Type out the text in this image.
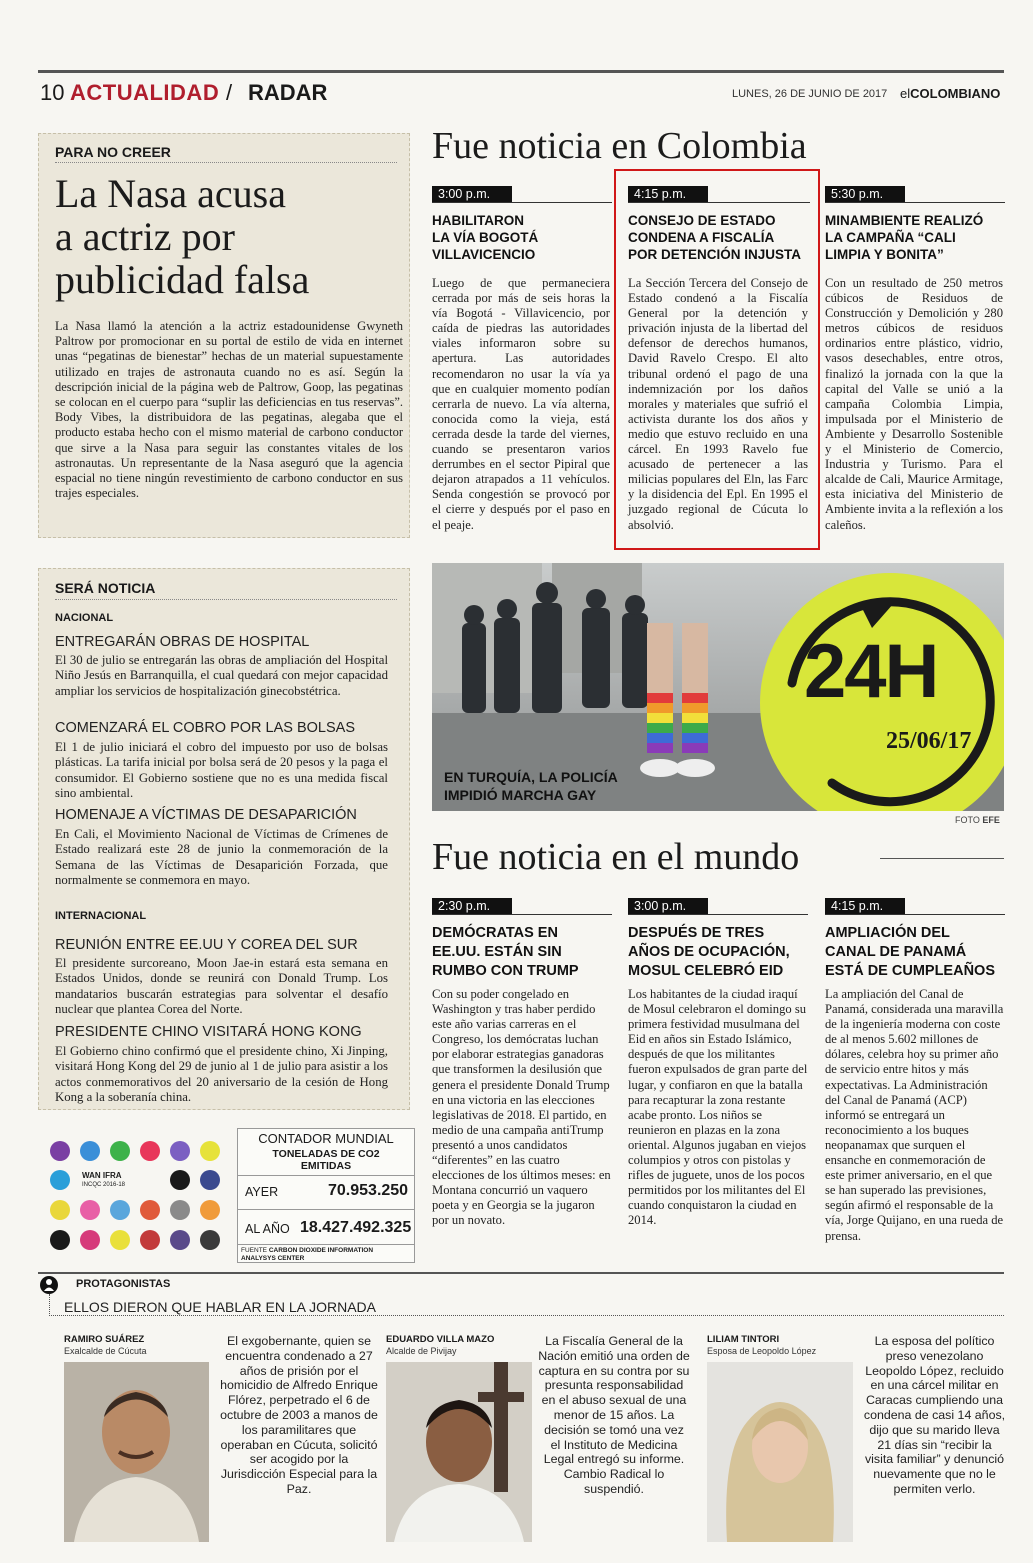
10 ACTUALIDAD / RADAR	LUNES, 26 DE JUNIO DE 2017 elCOLOMBIANO
PARA NO CREER
La Nasa acusa
a actriz por
publicidad falsa
La Nasa llamó la atención a la actriz estadounidense Gwyneth Paltrow por promocionar en su portal de estilo de vida en internet unas “pegatinas de bienestar” hechas de un material supuestamente utilizado en trajes de astronauta cuando no es así. Según la descripción inicial de la página web de Paltrow, Goop, las pegatinas se colocan en el cuerpo para “suplir las deficiencias en tus reservas”. Body Vibes, la distribuidora de las pegatinas, alegaba que el producto estaba hecho con el mismo material de carbono conductor que sirve a la Nasa para seguir las constantes vitales de los astronautas. Un representante de la Nasa aseguró que la agencia espacial no tiene ningún revestimiento de carbono conductor en sus trajes especiales.
Fue noticia en Colombia
3:00 p.m.
HABILITARON
LA VÍA BOGOTÁ
VILLAVICENCIO
Luego de que permaneciera cerrada por más de seis horas la vía Bogotá - Villavicencio, por caída de piedras las autoridades viales informaron sobre su apertura. Las autoridades recomendaron no usar la vía ya que en cualquier momento podían cerrarla de nuevo. La vía alterna, conocida como la vieja, está cerrada desde la tarde del viernes, cuando se presentaron varios derrumbes en el sector Pipiral que dejaron atrapados a 11 vehículos. Senda congestión se provocó por el cierre y después por el paso en el peaje.
4:15 p.m.
CONSEJO DE ESTADO
CONDENA A FISCALÍA
POR DETENCIÓN INJUSTA
La Sección Tercera del Consejo de Estado condenó a la Fiscalía General por la detención y privación injusta de la libertad del defensor de derechos humanos, David Ravelo Crespo. El alto tribunal ordenó el pago de una indemnización por los daños morales y materiales que sufrió el activista durante los dos años y medio que estuvo recluido en una cárcel. En 1993 Ravelo fue acusado de pertenecer a las milicias populares del Eln, las Farc y la disidencia del Epl. En 1995 el juzgado regional de Cúcuta lo absolvió.
5:30 p.m.
MINAMBIENTE REALIZÓ
LA CAMPAÑA “CALI
LIMPIA Y BONITA”
Con un resultado de 250 metros cúbicos de Residuos de Construcción y Demolición y 280 metros cúbicos de residuos ordinarios entre plástico, vidrio, vasos desechables, entre otros, finalizó la jornada con la que la capital del Valle se unió a la campaña Colombia Limpia, impulsada por el Ministerio de Ambiente y Desarrollo Sostenible y el Ministerio de Comercio, Industria y Turismo. Para el alcalde de Cali, Maurice Armitage, esta iniciativa del Ministerio de Ambiente invita a la reflexión a los caleños.
24H
25/06/17
EN TURQUÍA, LA POLICÍA
IMPIDIÓ MARCHA GAY
FOTO EFE
SERÁ NOTICIA
NACIONAL
ENTREGARÁN OBRAS DE HOSPITAL
El 30 de julio se entregarán las obras de ampliación del Hospital Niño Jesús en Barranquilla, el cual quedará con mejor capacidad ampliar los servicios de hospitalización ginecobstétrica.
COMENZARÁ EL COBRO POR LAS BOLSAS
El 1 de julio iniciará el cobro del impuesto por uso de bolsas plásticas. La tarifa inicial por bolsa será de 20 pesos y la paga el consumidor. El Gobierno sostiene que no es una medida fiscal sino ambiental.
HOMENAJE A VÍCTIMAS DE DESAPARICIÓN
En Cali, el Movimiento Nacional de Víctimas de Crímenes de Estado realizará este 28 de junio la conmemoración de la Semana de las Víctimas de Desaparición Forzada, que normalmente se conmemora en mayo.
INTERNACIONAL
REUNIÓN ENTRE EE.UU Y COREA DEL SUR
El presidente surcoreano, Moon Jae-in estará esta semana en Estados Unidos, donde se reunirá con Donald Trump. Los mandatarios buscarán estrategias para solventar el desafío nuclear que plantea Corea del Norte.
PRESIDENTE CHINO VISITARÁ HONG KONG
El Gobierno chino confirmó que el presidente chino, Xi Jinping, visitará Hong Kong del 29 de junio al 1 de julio para asistir a los actos conmemorativos del 20 aniversario de la cesión de Hong Kong a la soberanía china.
Fue noticia en el mundo
2:30 p.m.
DEMÓCRATAS EN
EE.UU. ESTÁN SIN
RUMBO CON TRUMP
Con su poder congelado en Washington y tras haber perdido este año varias carreras en el Congreso, los demócratas luchan por elaborar estrategias ganadoras que transformen la desilusión que genera el presidente Donald Trump en una victoria en las elecciones legislativas de 2018. El partido, en medio de una campaña antiTrump presentó a unos candidatos “diferentes” en las cuatro elecciones de los últimos meses: en Montana concurrió un vaquero poeta y en Georgia se la jugaron por un novato.
3:00 p.m.
DESPUÉS DE TRES
AÑOS DE OCUPACIÓN,
MOSUL CELEBRÓ EID
Los habitantes de la ciudad iraquí de Mosul celebraron el domingo su primera festividad musulmana del Eid en años sin Estado Islámico, después de que los militantes fueron expulsados de gran parte del lugar, y confiaron en que la batalla para recapturar la zona restante acabe pronto. Los niños se reunieron en plazas en la zona oriental. Algunos jugaban en viejos columpios y otros con pistolas y rifles de juguete, unos de los pocos permitidos por los militantes del El cuando conquistaron la ciudad en 2014.
4:15 p.m.
AMPLIACIÓN DEL
CANAL DE PANAMÁ
ESTÁ DE CUMPLEAÑOS
La ampliación del Canal de Panamá, considerada una maravilla de la ingeniería moderna con coste de al menos 5.602 millones de dólares, celebra hoy su primer año de servicio entre hitos y más expectativas. La Administración del Canal de Panamá (ACP) informó se entregará un reconocimiento a los buques neopanamax que surquen el ensanche en conmemoración de este primer aniversario, en el que se han superado las previsiones, según afirmó el responsable de la vía, Jorge Quijano, en una rueda de prensa.
WAN IFRA
INCQC 2016-18
CONTADOR MUNDIAL
TONELADAS DE CO2
EMITIDAS
AYER	70.953.250
AL AÑO 18.427.492.325
FUENTE CARBON DIOXIDE INFORMATION
ANALYSYS CENTER
PROTAGONISTAS
ELLOS DIERON QUE HABLAR EN LA JORNADA
RAMIRO SUÁREZ
Exalcalde de Cúcuta
El exgobernante, quien se encuentra condenado a 27 años de prisión por el homicidio de Alfredo Enrique Flórez, perpetrado el 6 de octubre de 2003 a manos de los paramilitares que operaban en Cúcuta, solicitó ser acogido por la Jurisdicción Especial para la Paz.
EDUARDO VILLA MAZO
Alcalde de Pivijay
La Fiscalía General de la Nación emitió una orden de captura en su contra por su presunta responsabilidad en el abuso sexual de una menor de 15 años. La decisión se tomó una vez el Instituto de Medicina Legal entregó su informe. Cambio Radical lo suspendió.
LILIAM TINTORI
Esposa de Leopoldo López
La esposa del político preso venezolano Leopoldo López, recluido en una cárcel militar en Caracas cumpliendo una condena de casi 14 años, dijo que su marido lleva 21 días sin “recibir la visita familiar” y denunció nuevamente que no le permiten verlo.
